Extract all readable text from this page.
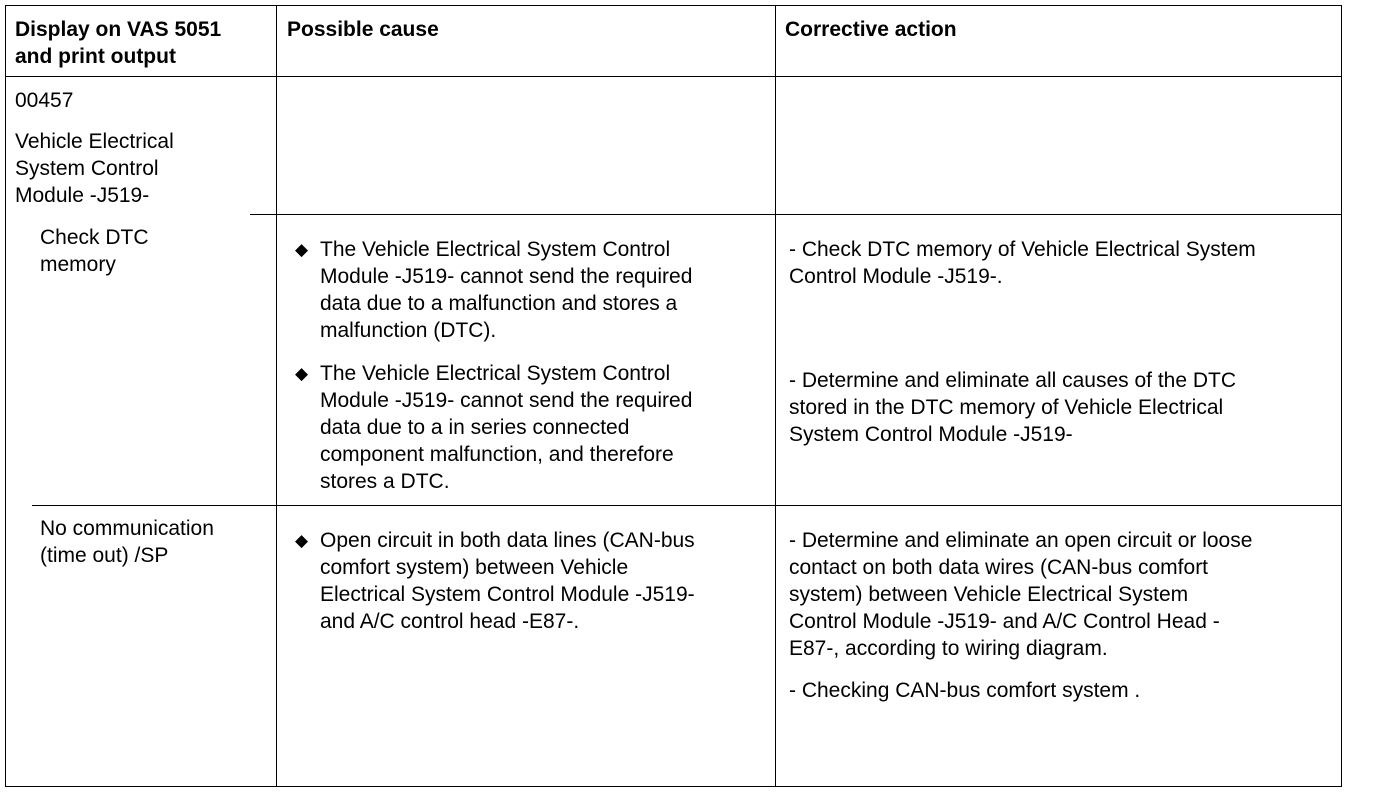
Display on VAS 5051
and print output
Possible cause	Corrective action
00457
Vehicle Electrical
System Control
Module -J519-
Check DTC
memory
◆ The Vehicle Electrical System Control
Module -J519- cannot send the required
data due to a malfunction and stores a
malfunction (DTC).
◆ The Vehicle Electrical System Control
Module -J519- cannot send the required
data due to a in series connected
component malfunction, and therefore
stores a DTC.
- Check DTC memory of Vehicle Electrical System
Control Module -J519-.
- Determine and eliminate all causes of the DTC
stored in the DTC memory of Vehicle Electrical
System Control Module -J519-
No communication
(time out) /SP
◆ Open circuit in both data lines (CAN-bus
comfort system) between Vehicle
Electrical System Control Module -J519-
and A/C control head -E87-.
- Determine and eliminate an open circuit or loose
contact on both data wires (CAN-bus comfort
system) between Vehicle Electrical System
Control Module -J519- and A/C Control Head -
E87-, according to wiring diagram.
- Checking CAN-bus comfort system .
